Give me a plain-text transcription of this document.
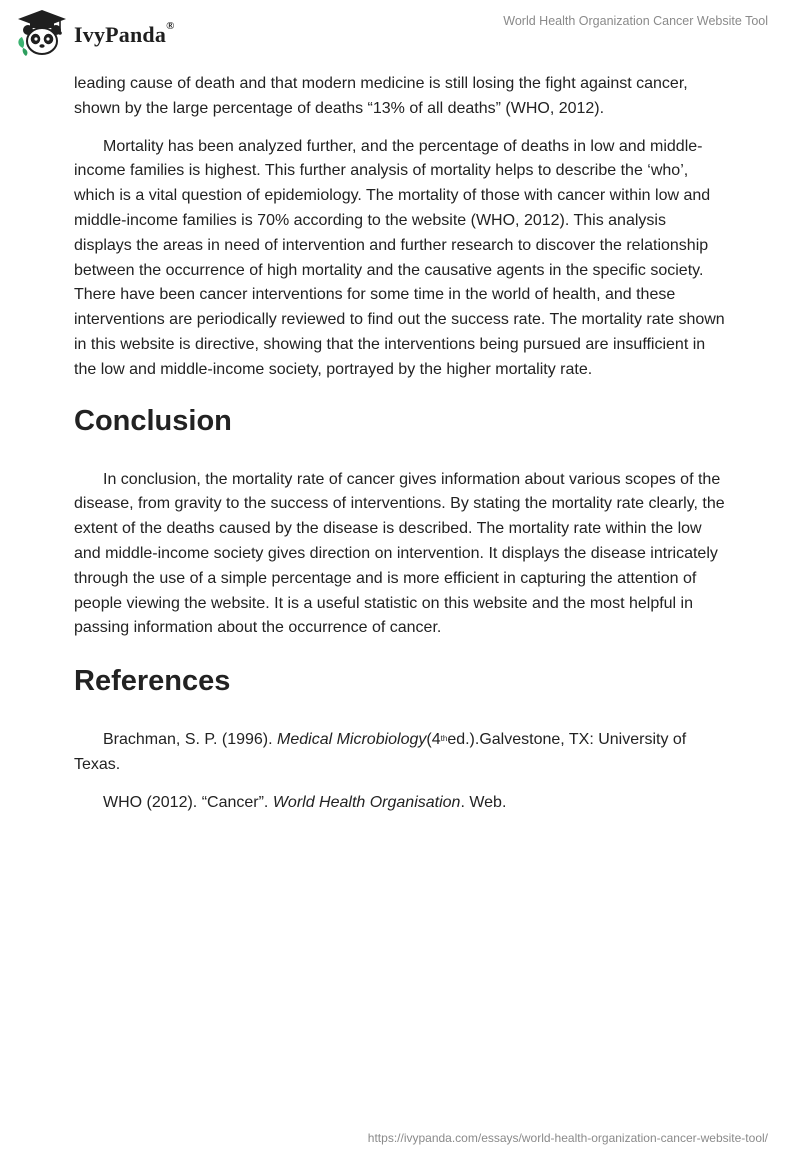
IvyPanda®	World Health Organization Cancer Website Tool

leading cause of death and that modern medicine is still losing the fight against cancer, shown by the large percentage of deaths “13% of all deaths” (WHO, 2012).

Mortality has been analyzed further, and the percentage of deaths in low and middle-income families is highest. This further analysis of mortality helps to describe the ‘who’, which is a vital question of epidemiology. The mortality of those with cancer within low and middle-income families is 70% according to the website (WHO, 2012). This analysis displays the areas in need of intervention and further research to discover the relationship between the occurrence of high mortality and the causative agents in the specific society. There have been cancer interventions for some time in the world of health, and these interventions are periodically reviewed to find out the success rate. The mortality rate shown in this website is directive, showing that the interventions being pursued are insufficient in the low and middle-income society, portrayed by the higher mortality rate.

Conclusion

In conclusion, the mortality rate of cancer gives information about various scopes of the disease, from gravity to the success of interventions. By stating the mortality rate clearly, the extent of the deaths caused by the disease is described. The mortality rate within the low and middle-income society gives direction on intervention. It displays the disease intricately through the use of a simple percentage and is more efficient in capturing the attention of people viewing the website. It is a useful statistic on this website and the most helpful in passing information about the occurrence of cancer.

References

Brachman, S. P. (1996). Medical Microbiology(4thed.).Galvestone, TX: University of Texas.

WHO (2012). “Cancer”. World Health Organisation. Web.

https://ivypanda.com/essays/world-health-organization-cancer-website-tool/
